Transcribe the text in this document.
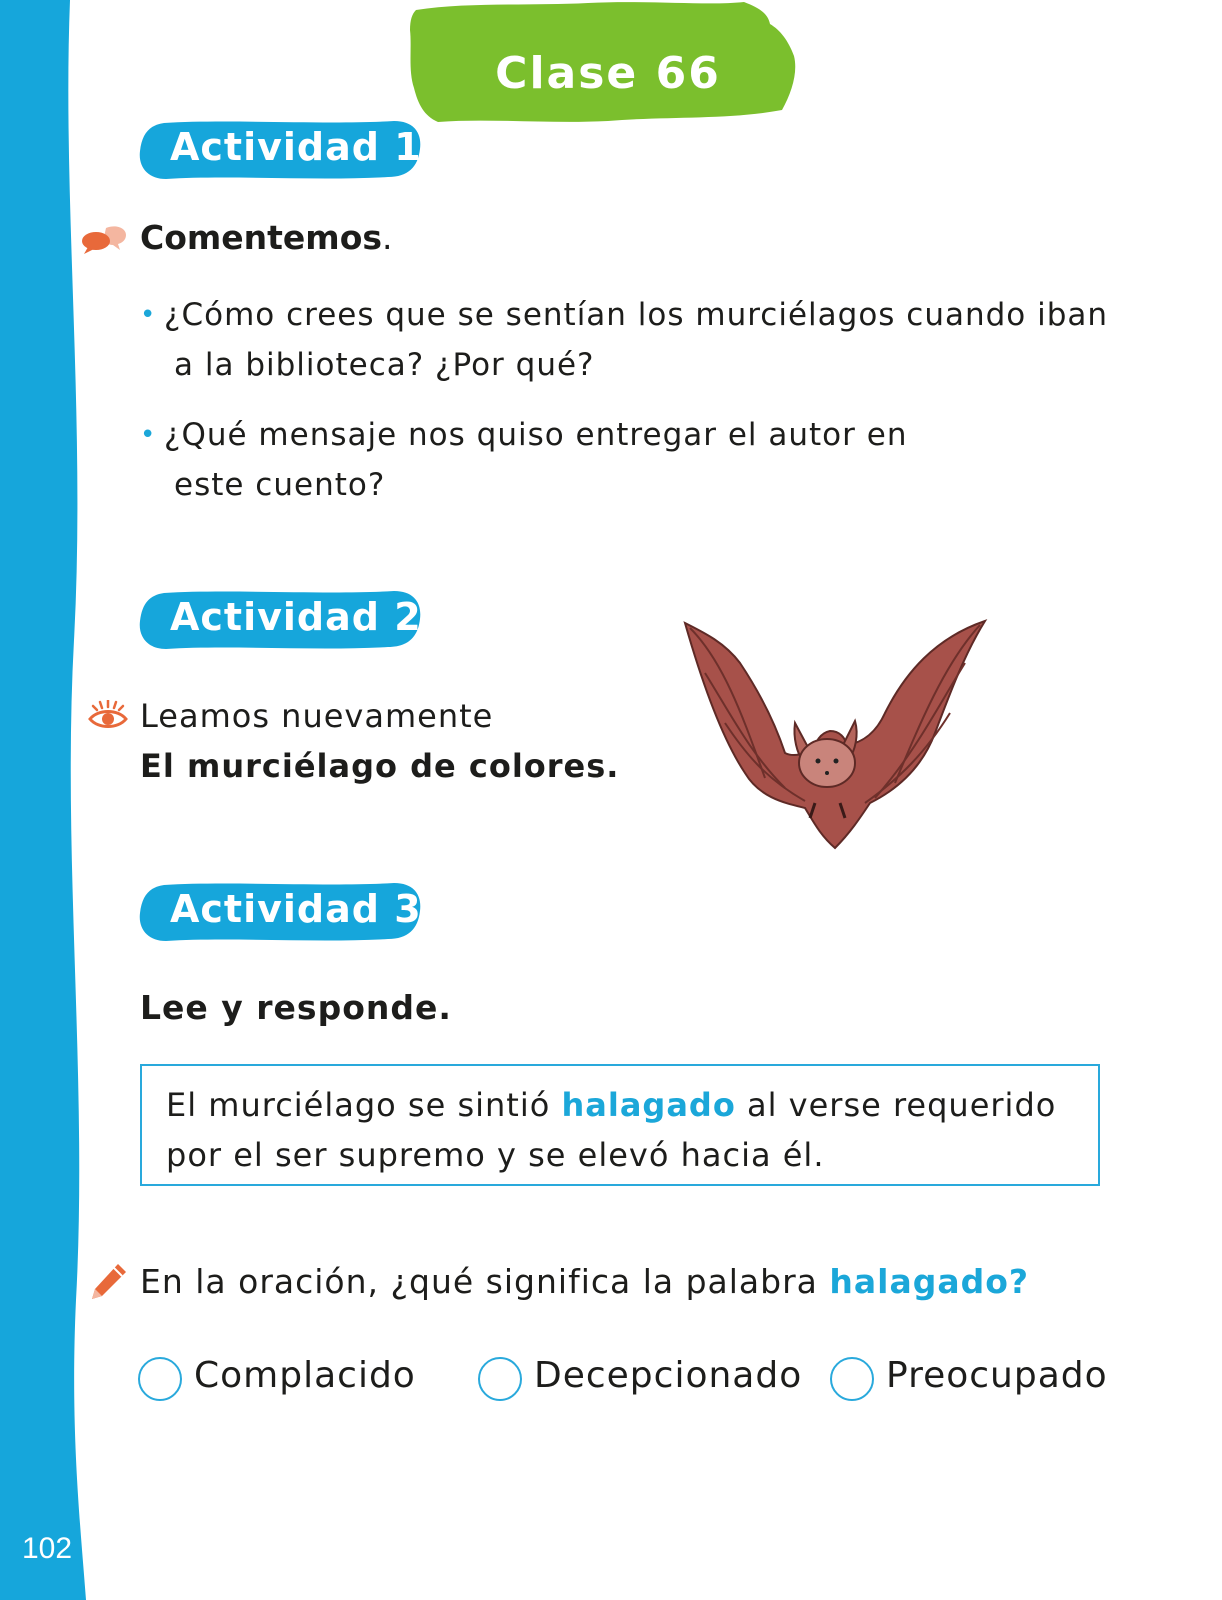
102
Clase 66
Actividad 1
Comentemos.
• ¿Cómo crees que se sentían los murciélagos cuando iban
a la biblioteca? ¿Por qué?
• ¿Qué mensaje nos quiso entregar el autor en
este cuento?
Actividad 2
Leamos nuevamente
El murciélago de colores.
Actividad 3
Lee y responde.
El murciélago se sintió halagado al verse requerido por el ser supremo y se elevó hacia él.
En la oración, ¿qué significa la palabra halagado?
Complacido	Decepcionado Preocupado
